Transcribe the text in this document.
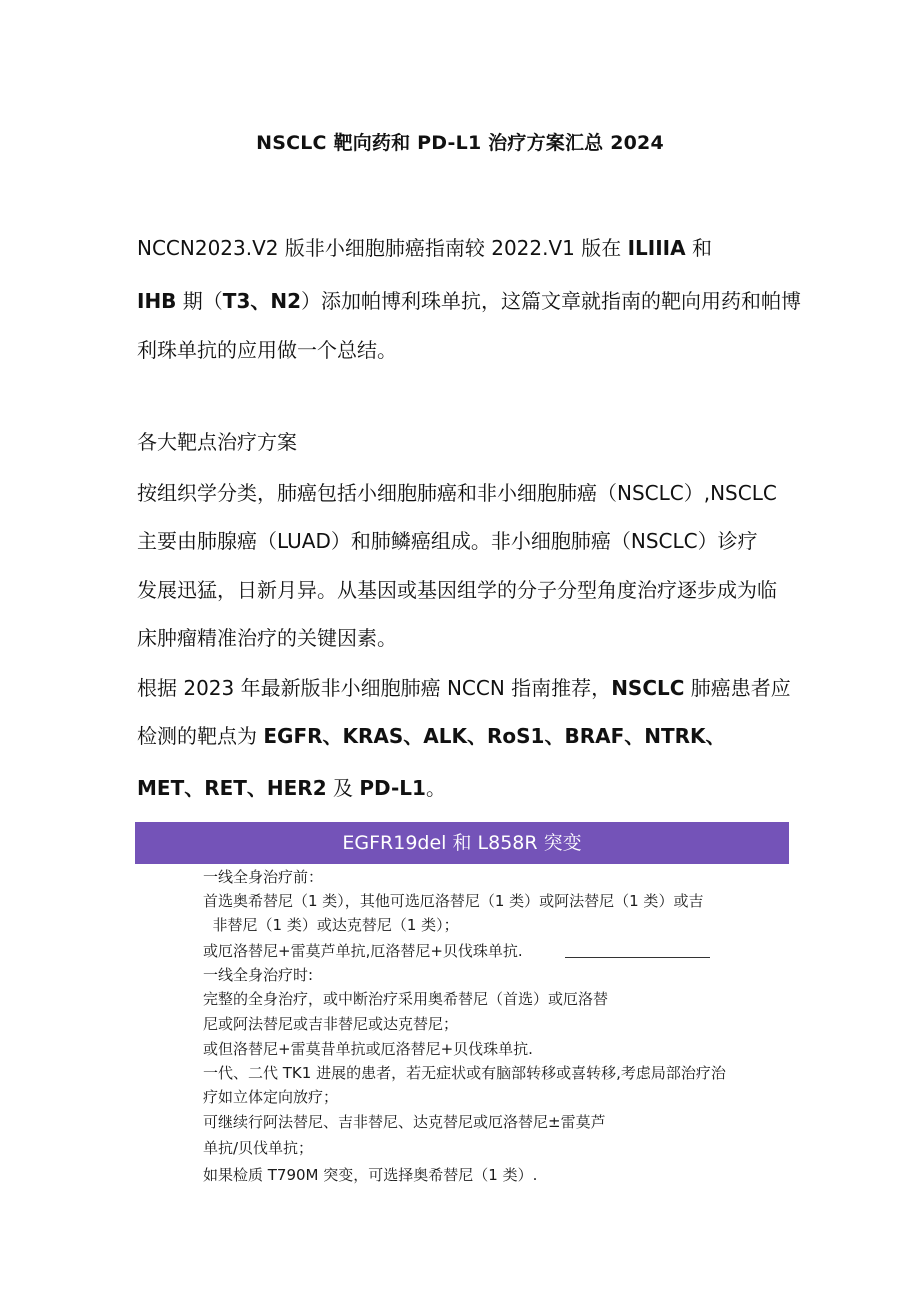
NSCLC 靶向药和 PD-L1 治疗方案汇总 2024
NCCN2023.V2 版非小细胞肺癌指南较 2022.V1 版在 ILIIIA 和
IHB 期（T3、N2）添加帕博利珠单抗，这篇文章就指南的靶向用药和帕博
利珠单抗的应用做一个总结。
各大靶点治疗方案
按组织学分类，肺癌包括小细胞肺癌和非小细胞肺癌（NSCLC）,NSCLC
主要由肺腺癌（LUAD）和肺鳞癌组成。非小细胞肺癌（NSCLC）诊疗
发展迅猛，日新月异。从基因或基因组学的分子分型角度治疗逐步成为临
床肿瘤精准治疗的关键因素。
根据 2023 年最新版非小细胞肺癌 NCCN 指南推荐，NSCLC 肺癌患者应
检测的靶点为 EGFR、KRAS、ALK、RoS1、BRAF、NTRK、
MET、RET、HER2 及 PD-L1。
EGFR19del 和 L858R 突变
一线全身治疗前：
首选奥希替尼（1 类），其他可选厄洛替尼（1 类）或阿法替尼（1 类）或吉
非替尼（1 类）或达克替尼（1 类）；
或厄洛替尼+雷莫芦单抗,厄洛替尼+贝伐珠单抗.
一线全身治疗时:
完整的全身治疗，或中断治疗采用奥希替尼（首选）或厄洛替
尼或阿法替尼或吉非替尼或达克替尼；
或但洛替尼+雷莫昔单抗或厄洛替尼+贝伐珠单抗.
一代、二代 TK1 进展的患者，若无症状或有脑部转移或喜转移,考虑局部治疗治
疗如立体定向放疗；
可继续行阿法替尼、吉非替尼、达克替尼或厄洛替尼±雷莫芦
单抗/贝伐单抗；
如果检质 T790M 突变，可选择奥希替尼（1 类）.
